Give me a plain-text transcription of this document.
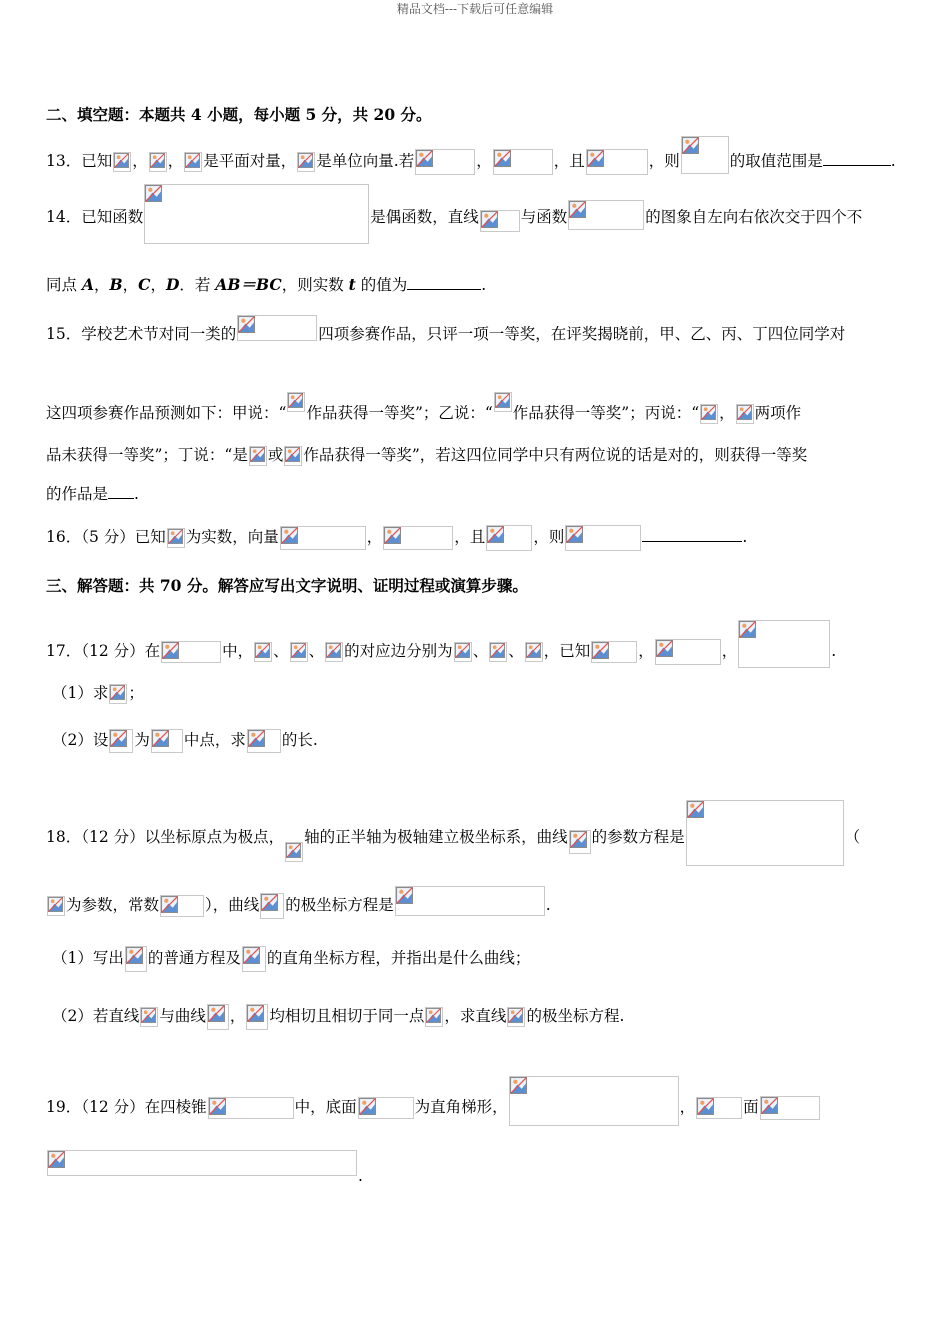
精品文档---下载后可任意编辑
二、填空题：本题共 4 小题，每小题 5 分，共 20 分。
13．已知 ， ， 是平面对量， 是单位向量.若	，	，且	，则	的取值范围是	.
14．已知函数	是偶函数，直线	与函数	的图象自左向右依次交于四个不
同点 A，B，C，D．若 AB＝BC，则实数 t 的值为	.
15．学校艺术节对同一类的	四项参赛作品，只评一项一等奖，在评奖揭晓前，甲、乙、丙、丁四位同学对
这四项参赛作品预测如下：甲说：“ 作品获得一等奖”；乙说：“ 作品获得一等奖”；丙说：“ ， 两项作
品未获得一等奖”；丁说：“是 或 作品获得一等奖”，若这四位同学中只有两位说的话是对的，则获得一等奖
的作品是 .
16．（5 分）已知 为实数，向量	，	，且	，则	.
三、解答题：共 70 分。解答应写出文字说明、证明过程或演算步骤。
17．（12 分）在	中， 、 、 的对应边分别为 、 、 ，已知	，	，	.
（1）求 ；
（2）设 为 中点，求 的长.
18．（12 分）以坐标原点为极点， 轴的正半轴为极轴建立极坐标系，曲线 的参数方程是	（
为参数，常数	），曲线 的极坐标方程是	.
（1）写出 的普通方程及 的直角坐标方程，并指出是什么曲线；
（2）若直线 与曲线 ， 均相切且相切于同一点 ，求直线 的极坐标方程.
19．（12 分）在四棱锥	中，底面	为直角梯形，	，	面
.
